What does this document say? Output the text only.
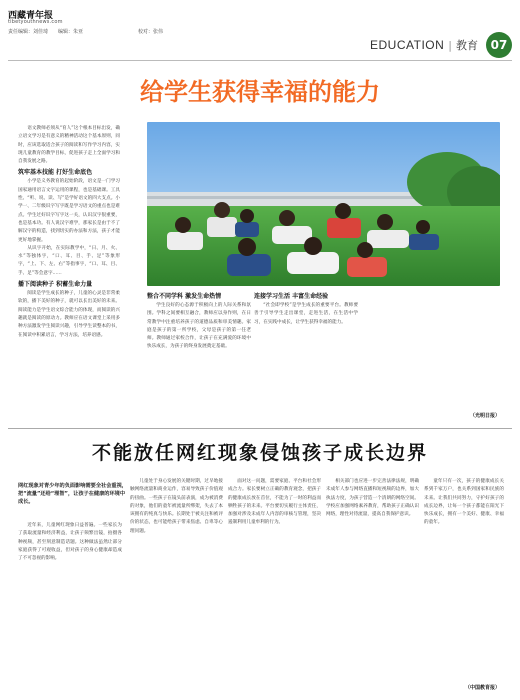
西藏青年报
tibetyouthnews.com
责任编辑：刘佳琦　　编辑：朱亚　　　　　　　　　　　校对：张伟
EDUCATION | 教育	07
给学生获得幸福的能力

语文教师必须从“育人”这个根本目标出发，确立语文学习是有意义的精神活动这个基本原则，同时，应该选取适合孩子的阅读和写作学习内容，实现儿童教育的教学目标，促进孩子走上全面学习和自我发展之路。

筑牢基本技能 打好生命底色

小学是义务教育的起始阶段，语文是一门学习国家通用语言文字运用的课程，也是基础课。工具性、“听、说、读、写”是学好语文的四大支点。小学一、二年级识字写字既是学习语文的重点也是难点。学生过好识字写字这一关，认识汉字很重要，也是基本功。有人说汉字难学，那家长是由于不了解汉字的构造，找到切实的办法和方法，孩子才能更好地掌握。

从识字开始，在实际教学中，“日、月、火、水”等独体字，“口、耳、目、手、足”等象形字，“上、下、左、右”等指事字，“口、耳、目、手、足”等会意字……

播下阅读种子 积蓄生命力量

阅读是学生成长的种子，儿童的心灵是非常柔软的，播下美好的种子，就可以长出美好的未来。阅读能力是学生语文综合能力的体现，而阅读的兴趣就是阅读的原动力。教师应在语文课堂上采用多种方法激发学生阅读兴趣，引导学生读整本的书，在阅读中积累语言，学习方法，培养语感。

整合不同学科 激发生命热情

学生良好的心态源于积极向上的人际关系和氛围。学科之间要相互融合，教师应以身作则，在日常教学中注重培养孩子的道德品质和审美情趣。家庭是孩子的第一所学校，父母是孩子的第一任老师。教师通过家校合作，让孩子在充满爱的环境中快乐成长，为孩子的终身发展奠定基础。

连接学习生活 丰富生命经验

“社会即学校”是学生成长的重要平台。教师要善于引导学生走出课堂，走进生活，在生活中学习，在实践中成长，让学生获得幸福的能力。

（光明日报）
不能放任网红现象侵蚀孩子成长边界
网红现象对青少年的负面影响需要全社会重视，把“流量”还给“理智”，让孩子在健康的环境中成长。

近年来，儿童网红现象日益普遍。一些家长为了获取流量和经济利益，让孩子频繁出镜，拍摄各种视频，甚至刻意制造话题。这种做法虽然让部分家庭获得了可观收益，但对孩子的身心健康却造成了不可忽视的影响。

儿童处于身心发展的关键时期，过早地接触网络流量和商业运作，容易导致孩子价值观的扭曲。一些孩子在镜头前表演，成为被消费的对象，他们的童年被流量所绑架，失去了本该拥有的纯真与快乐。长期处于被关注和被评价的状态，也可能给孩子带来焦虑、自卑等心理问题。

面对这一问题，需要家庭、平台和社会形成合力。家长要树立正确的教育观念，把孩子的健康成长放在首位，不能为了一时的利益而牺牲孩子的未来。平台要切实履行主体责任，加强对涉及未成年人内容的审核与管理，坚决遏制利用儿童牟利的行为。

相关部门也应进一步完善法律法规，明确未成年人参与网络直播和短视频的边界，加大执法力度，为孩子营造一个清朗的网络空间。学校应加强网络素养教育，帮助孩子正确认识网络，理性对待流量，提高自我保护意识。

童年只有一次，孩子的健康成长关系到千家万户，也关系到国家和民族的未来。让我们共同努力，守护好孩子的成长边界，让每一个孩子都能在阳光下快乐成长，拥有一个美好、健康、幸福的童年。

（中国教育报）
